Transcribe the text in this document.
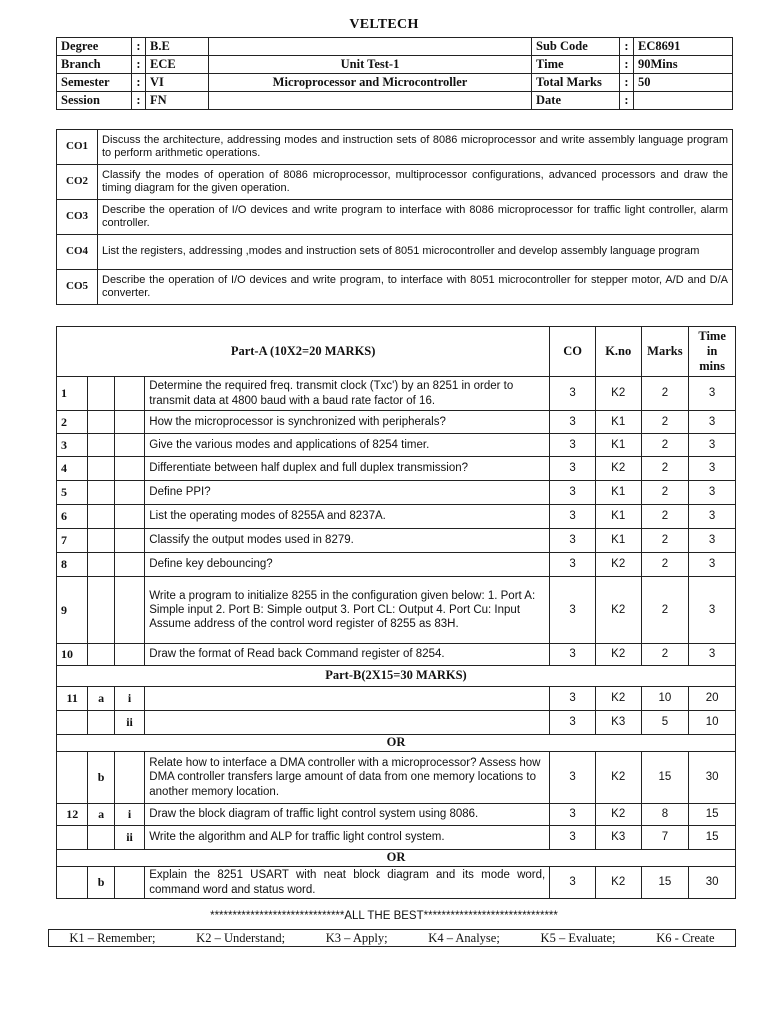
VELTECH
Degree	:	B.E		Sub Code	:	EC8691
Branch	:	ECE	Unit Test-1	Time	:	90Mins
Semester	:	VI	Microprocessor and Microcontroller	Total Marks	:	50
Session	:	FN		Date	:	
CO1	Discuss the architecture, addressing modes and instruction sets of 8086 microprocessor and write assembly language program to perform arithmetic operations.
CO2	Classify the modes of operation of 8086 microprocessor, multiprocessor configurations, advanced processors and draw the timing diagram for the given operation.
CO3	Describe the operation of I/O devices and write program to interface with 8086 microprocessor for traffic light controller, alarm controller.
CO4	List the registers, addressing ,modes and instruction sets of 8051 microcontroller and develop assembly language program
CO5	Describe the operation of I/O devices and write program, to interface with 8051 microcontroller for stepper motor, A/D and D/A converter.
Part-A (10X2=20 MARKS)				CO	K.no	Marks	Time in mins
1			Determine the required freq. transmit clock (Txc') by an 8251 in order to transmit data at 4800 baud with a baud rate factor of 16.	3	K2	2	3
2			How the microprocessor is synchronized with peripherals?	3	K1	2	3
3			Give the various modes and applications of 8254 timer.	3	K1	2	3
4			Differentiate between half duplex and full duplex transmission?	3	K2	2	3
5			Define PPI?	3	K1	2	3
6			List the operating modes of 8255A and 8237A.	3	K1	2	3
7			Classify the output modes used in 8279.	3	K1	2	3
8			Define key debouncing?	3	K2	2	3
9			Write a program to initialize 8255 in the configuration given below: 1. Port A: Simple input 2. Port B: Simple output 3. Port CL: Output 4. Port Cu: Input Assume address of the control word register of 8255 as 83H.	3	K2	2	3
10			Draw the format of Read back Command register of 8254.	3	K2	2	3
Part-B(2X15=30 MARKS)							
11	a	i		3	K2	10	20
		ii		3	K3	5	10
OR							
	b		Relate how to interface a DMA controller with a microprocessor? Assess how DMA controller transfers large amount of data from one memory locations to another memory location.	3	K2	15	30
12	a	i	Draw the block diagram of traffic light control system using 8086.	3	K2	8	15
		ii	Write the algorithm and ALP for traffic light control system.	3	K3	7	15
OR							
	b		Explain the 8251 USART with neat block diagram and its mode word, command word and status word.	3	K2	15	30
******************************ALL THE BEST******************************
K1 – Remember;	K2 – Understand;	K3 – Apply;	K4 – Analyse;	K5 – Evaluate;	K6 - Create
